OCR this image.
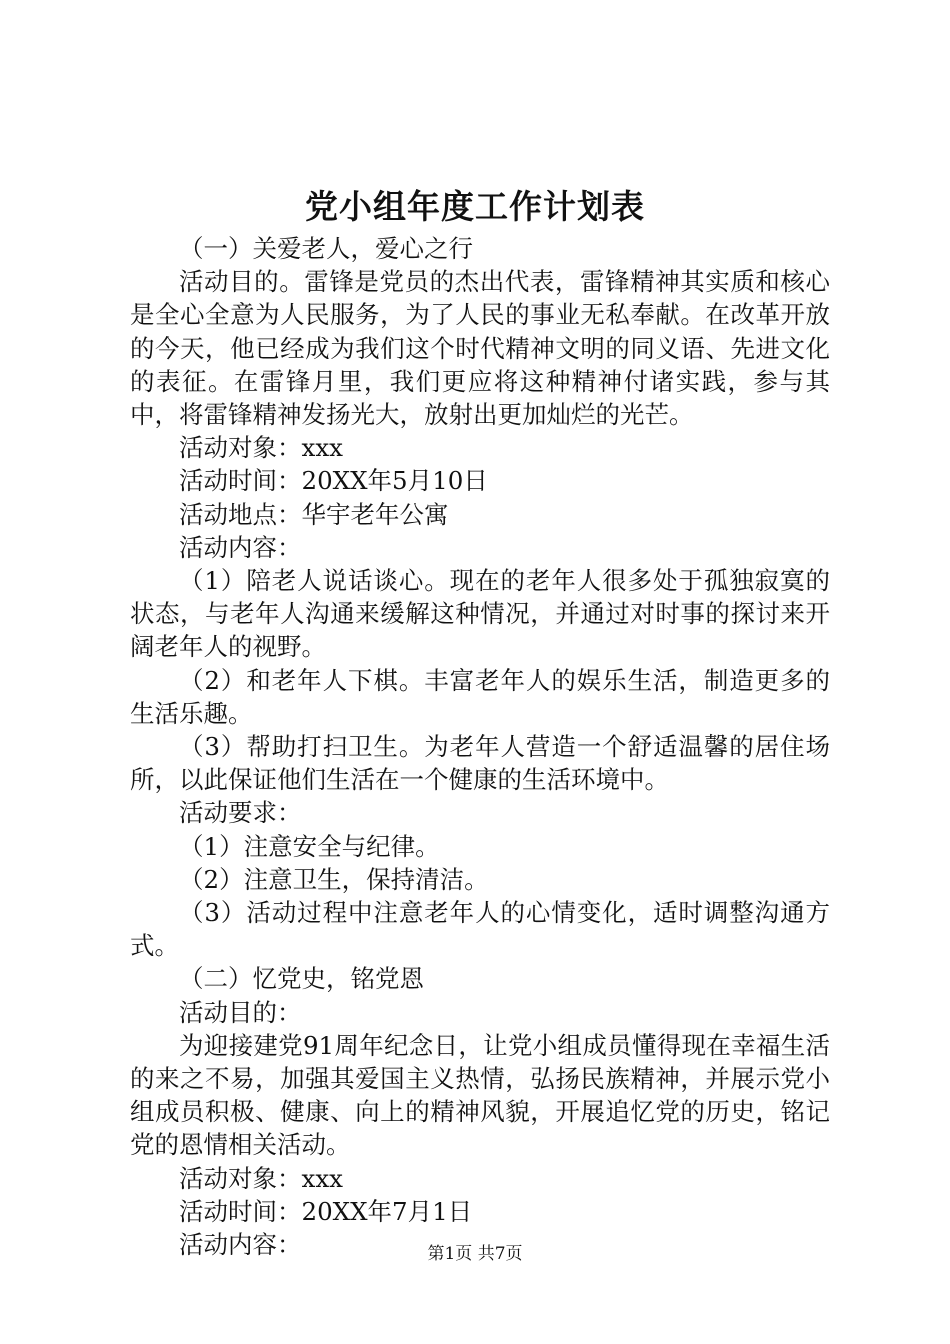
党小组年度工作计划表

（一）关爱老人，爱心之行

活动目的。雷锋是党员的杰出代表，雷锋精神其实质和核心是全心全意为人民服务，为了人民的事业无私奉献。在改革开放的今天，他已经成为我们这个时代精神文明的同义语、先进文化的表征。在雷锋月里，我们更应将这种精神付诸实践，参与其中，将雷锋精神发扬光大，放射出更加灿烂的光芒。

活动对象：xxx

活动时间：20XX年5月10日

活动地点：华宇老年公寓

活动内容：

（1）陪老人说话谈心。现在的老年人很多处于孤独寂寞的状态，与老年人沟通来缓解这种情况，并通过对时事的探讨来开阔老年人的视野。

（2）和老年人下棋。丰富老年人的娱乐生活，制造更多的生活乐趣。

（3）帮助打扫卫生。为老年人营造一个舒适温馨的居住场所，以此保证他们生活在一个健康的生活环境中。

活动要求：

（1）注意安全与纪律。

（2）注意卫生，保持清洁。

（3）活动过程中注意老年人的心情变化，适时调整沟通方式。

（二）忆党史，铭党恩

活动目的：

为迎接建党91周年纪念日，让党小组成员懂得现在幸福生活的来之不易，加强其爱国主义热情，弘扬民族精神，并展示党小组成员积极、健康、向上的精神风貌，开展追忆党的历史，铭记党的恩情相关活动。

活动对象：xxx

活动时间：20XX年7月1日

活动内容：	第1页 共7页
